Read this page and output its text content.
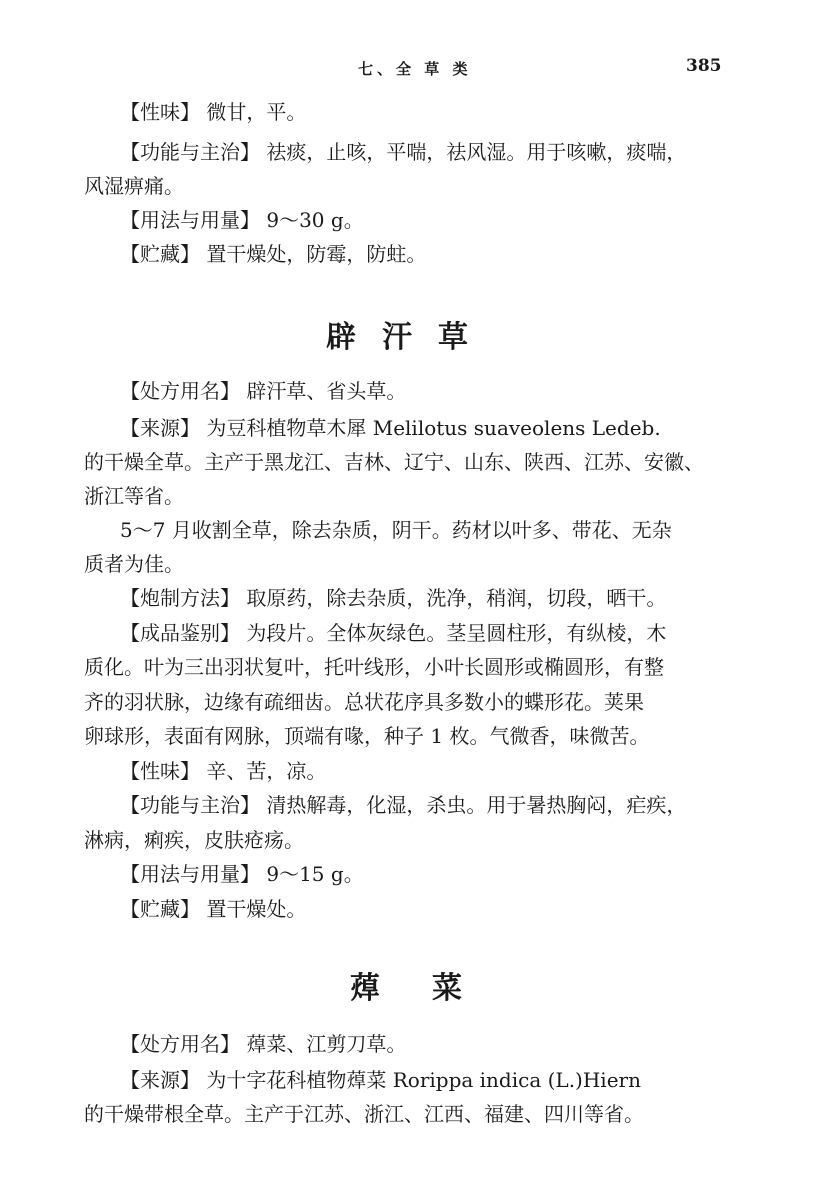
七、全 草 类	385
【性味】 微甘，平。
【功能与主治】 祛痰，止咳，平喘，祛风湿。用于咳嗽，痰喘，
风湿痹痛。
【用法与用量】 9～30 g。
【贮藏】 置干燥处，防霉，防蛀。
辟汗草
【处方用名】 辟汗草、省头草。
【来源】 为豆科植物草木犀 Melilotus suaveolens Ledeb.
的干燥全草。主产于黑龙江、吉林、辽宁、山东、陕西、江苏、安徽、
浙江等省。
5～7 月收割全草，除去杂质，阴干。药材以叶多、带花、无杂
质者为佳。
【炮制方法】 取原药，除去杂质，洗净，稍润，切段，晒干。
【成品鉴别】 为段片。全体灰绿色。茎呈圆柱形，有纵棱，木
质化。叶为三出羽状复叶，托叶线形，小叶长圆形或椭圆形，有整
齐的羽状脉，边缘有疏细齿。总状花序具多数小的蝶形花。荚果
卵球形，表面有网脉，顶端有喙，种子 1 枚。气微香，味微苦。
【性味】 辛、苦，凉。
【功能与主治】 清热解毒，化湿，杀虫。用于暑热胸闷，疟疾，
淋病，痢疾，皮肤疮疡。
【用法与用量】 9～15 g。
【贮藏】 置干燥处。
蔊菜
【处方用名】 蔊菜、江剪刀草。
【来源】 为十字花科植物蔊菜 Rorippa indica (L.)Hiern
的干燥带根全草。主产于江苏、浙江、江西、福建、四川等省。
